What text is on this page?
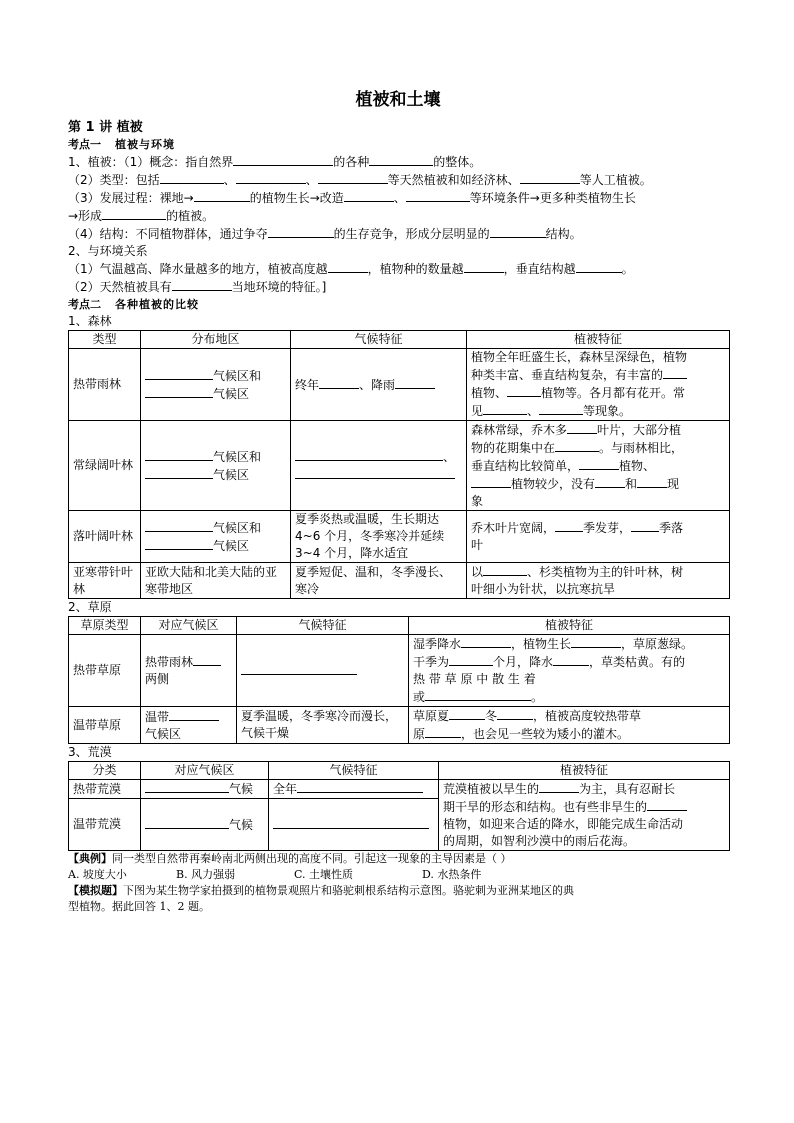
植被和土壤
第 1 讲 植被
考点一 植被与环境

1、植被：（1）概念：指自然界	的各种	的整体。

（2）类型：包括	、	、	等天然植被和如经济林、	等人工植被。

（3）发展过程：裸地→	的植物生长→改造	、	等环境条件→更多种类植物生长

→形成	的植被。

（4）结构：不同植物群体，通过争夺	的生存竞争，形成分层明显的	结构。

2、与环境关系

（1）气温越高、降水量越多的地方，植被高度越	，植物种的数量越	，垂直结构越	。

（2）天然植被具有	当地环境的特征。]

考点二 各种植被的比较

1、森林

类型	分布地区	气候特征	植被特征
热带雨林	气候区和
气候区	终年 、降雨	植物全年旺盛生长，森林呈深绿色，植物
种类丰富、垂直结构复杂，有丰富的
植物、 植物等。各月都有花开。常
见 、 等现象。
常绿阔叶林	气候区和
气候区	、	森林常绿，乔木多 叶片，大部分植
物的花期集中在 。与雨林相比，
垂直结构比较简单， 植物、
植物较少，没有 和 现
象
落叶阔叶林	气候区和
气候区	夏季炎热或温暖，生长期达
4~6 个月，冬季寒冷并延续
3~4 个月，降水适宜	乔木叶片宽阔， 季发芽， 季落
叶
亚寒带针叶林	亚欧大陆和北美大陆的亚寒带地区	夏季短促、温和，冬季漫长、寒冷	以 、杉类植物为主的针叶林，树
叶细小为针状，以抗寒抗旱

2、草原

草原类型	对应气候区	气候特征	植被特征
热带草原	热带雨林
两侧		湿季降水 ，植物生长 ，草原葱绿。
干季为 个月，降水 ，草类枯黄。有的
热 带 草 原 中 散 生 着
或 。
温带草原	温带
气候区	夏季温暖，冬季寒冷而漫长，气候干燥	草原夏 冬 ，植被高度较热带草
原 ，也会见一些较为矮小的灌木。

3、荒漠

分类	对应气候区	气候特征	植被特征
热带荒漠	气候	全年	荒漠植被以旱生的 为主，具有忍耐长
期干旱的形态和结构。也有些非旱生的
植物，如迎来合适的降水，即能完成生命活动
的周期，如智利沙漠中的雨后花海。
温带荒漠	气候		

【典例】同一类型自然带再秦岭南北两侧出现的高度不同。引起这一现象的主导因素是（ ）

A. 坡度大小	B. 风力强弱	C. 土壤性质	D. 水热条件

【模拟题】下图为某生物学家拍摄到的植物景观照片和骆驼刺根系结构示意图。骆驼刺为亚洲某地区的典
型植物。据此回答 1、2 题。
